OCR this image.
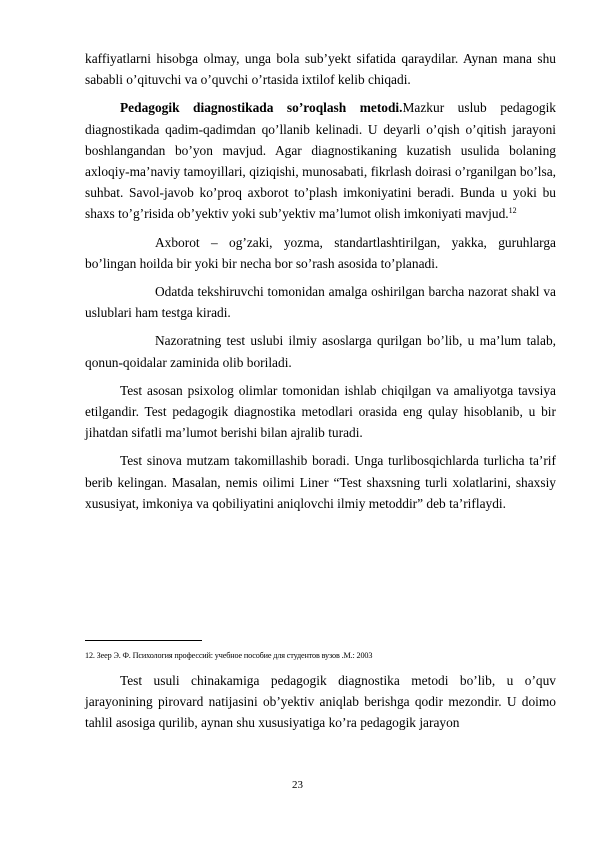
kaffiyatlarni hisobga olmay, unga bola sub’yekt sifatida qaraydilar. Aynan mana shu sababli o’qituvchi va o’quvchi o’rtasida ixtilof kelib chiqadi.

Pedagogik diagnostikada so’roqlash metodi.Mazkur uslub pedagogik diagnostikada qadim-qadimdan qo’llanib kelinadi. U deyarli o’qish o’qitish jarayoni boshlangandan bo’yon mavjud. Agar diagnostikaning kuzatish usulida bolaning axloqiy-ma’naviy tamoyillari, qiziqishi, munosabati, fikrlash doirasi o’rganilgan bo’lsa, suhbat. Savol-javob ko’proq axborot to’plash imkoniyatini beradi. Bunda u yoki bu shaxs to’g’risida ob’yektiv yoki sub’yektiv ma’lumot olish imkoniyati mavjud.$^{12}$

Axborot – og’zaki, yozma, standartlashtirilgan, yakka, guruhlarga bo’lingan hoilda bir yoki bir necha bor so’rash asosida to’planadi.

Odatda tekshiruvchi tomonidan amalga oshirilgan barcha nazorat shakl va uslublari ham testga kiradi.

Nazoratning test uslubi ilmiy asoslarga qurilgan bo’lib, u ma’lum talab, qonun-qoidalar zaminida olib boriladi.

Test asosan psixolog olimlar tomonidan ishlab chiqilgan va amaliyotga tavsiya etilgandir. Test pedagogik diagnostika metodlari orasida eng qulay hisoblanib, u bir jihatdan sifatli ma’lumot berishi bilan ajralib turadi.

Test sinova mutzam takomillashib boradi. Unga turlibosqichlarda turlicha ta’rif berib kelingan. Masalan, nemis oilimi Liner “Test shaxsning turli xolatlarini, shaxsiy xususiyat, imkoniya va qobiliyatini aniqlovchi ilmiy metoddir” deb ta’riflaydi.

12. Зеер Э. Ф. Психология профессий: учебное пособие для студентов вузов .М.: 2003

Test usuli chinakamiga pedagogik diagnostika metodi bo’lib, u o’quv jarayonining pirovard natijasini ob’yektiv aniqlab berishga qodir mezondir. U doimo tahlil asosiga qurilib, aynan shu xususiyatiga ko’ra pedagogik jarayon

23
